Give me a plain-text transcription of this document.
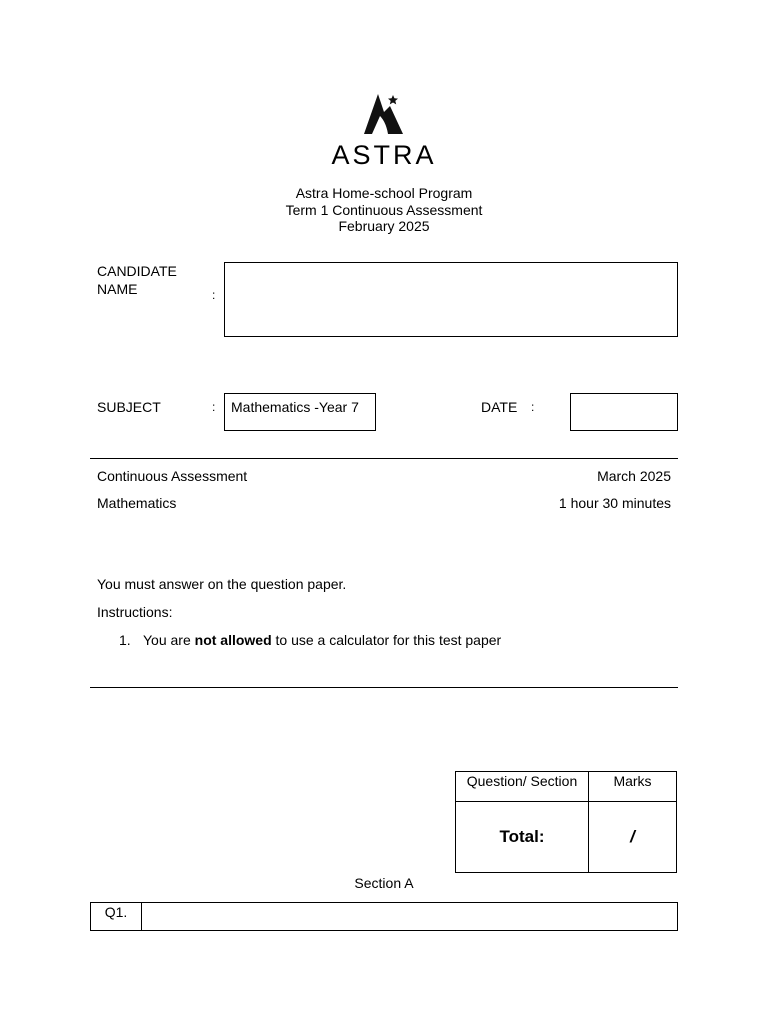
ASTRA
Astra Home-school Program
Term 1 Continuous Assessment
February 2025
CANDIDATE
NAME	:
SUBJECT	: Mathematics -Year 7	DATE :
Continuous Assessment	March 2025
Mathematics	1 hour 30 minutes
You must answer on the question paper.
Instructions:
1. You are not allowed to use a calculator for this test paper
Question/ Section	Marks
Total:	/
Section A
Q1.
